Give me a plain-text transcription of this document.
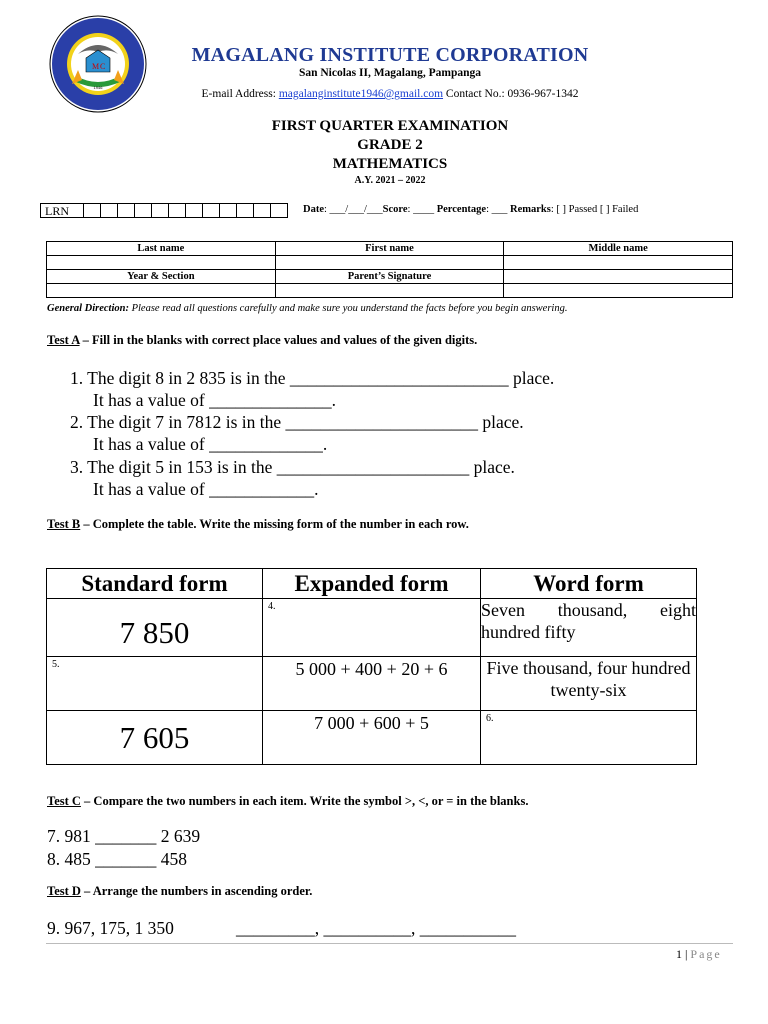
M C
1946
MAGALANG INSTITUTE CORPORATION
San Nicolas II, Magalang, Pampanga
E-mail Address: magalanginstitute1946@gmail.com Contact No.: 0936-967-1342
FIRST QUARTER EXAMINATION
GRADE 2
MATHEMATICS
A.Y. 2021 – 2022
LRN	Date: ___/___/___Score: ____ Percentage: ___ Remarks: [ ] Passed [ ] Failed
Last name	First name	Middle name

Year & Section	Parent’s Signature	

General Direction: Please read all questions carefully and make sure you understand the facts before you begin answering.
Test A – Fill in the blanks with correct place values and values of the given digits.
1. The digit 8 in 2 835 is in the _________________________ place.
It has a value of ______________.
2. The digit 7 in 7812 is in the ______________________ place.
It has a value of _____________.
3. The digit 5 in 153 is in the ______________________ place.
It has a value of ____________.
Test B – Complete the table. Write the missing form of the number in each row.
Standard form	Expanded form	Word form
7 850	4.	Seven thousand, eight hundred fifty

5.	5 000 + 400 + 20 + 6	Five thousand, four hundred twenty-six
7 605	7 000 + 600 + 5	6.
Test C – Compare the two numbers in each item. Write the symbol >, <, or = in the blanks.
7. 981 _______ 2 639
8. 485 _______ 458
Test D – Arrange the numbers in ascending order.
9. 967, 175, 1 350	_________, __________, ___________
1 | Page
